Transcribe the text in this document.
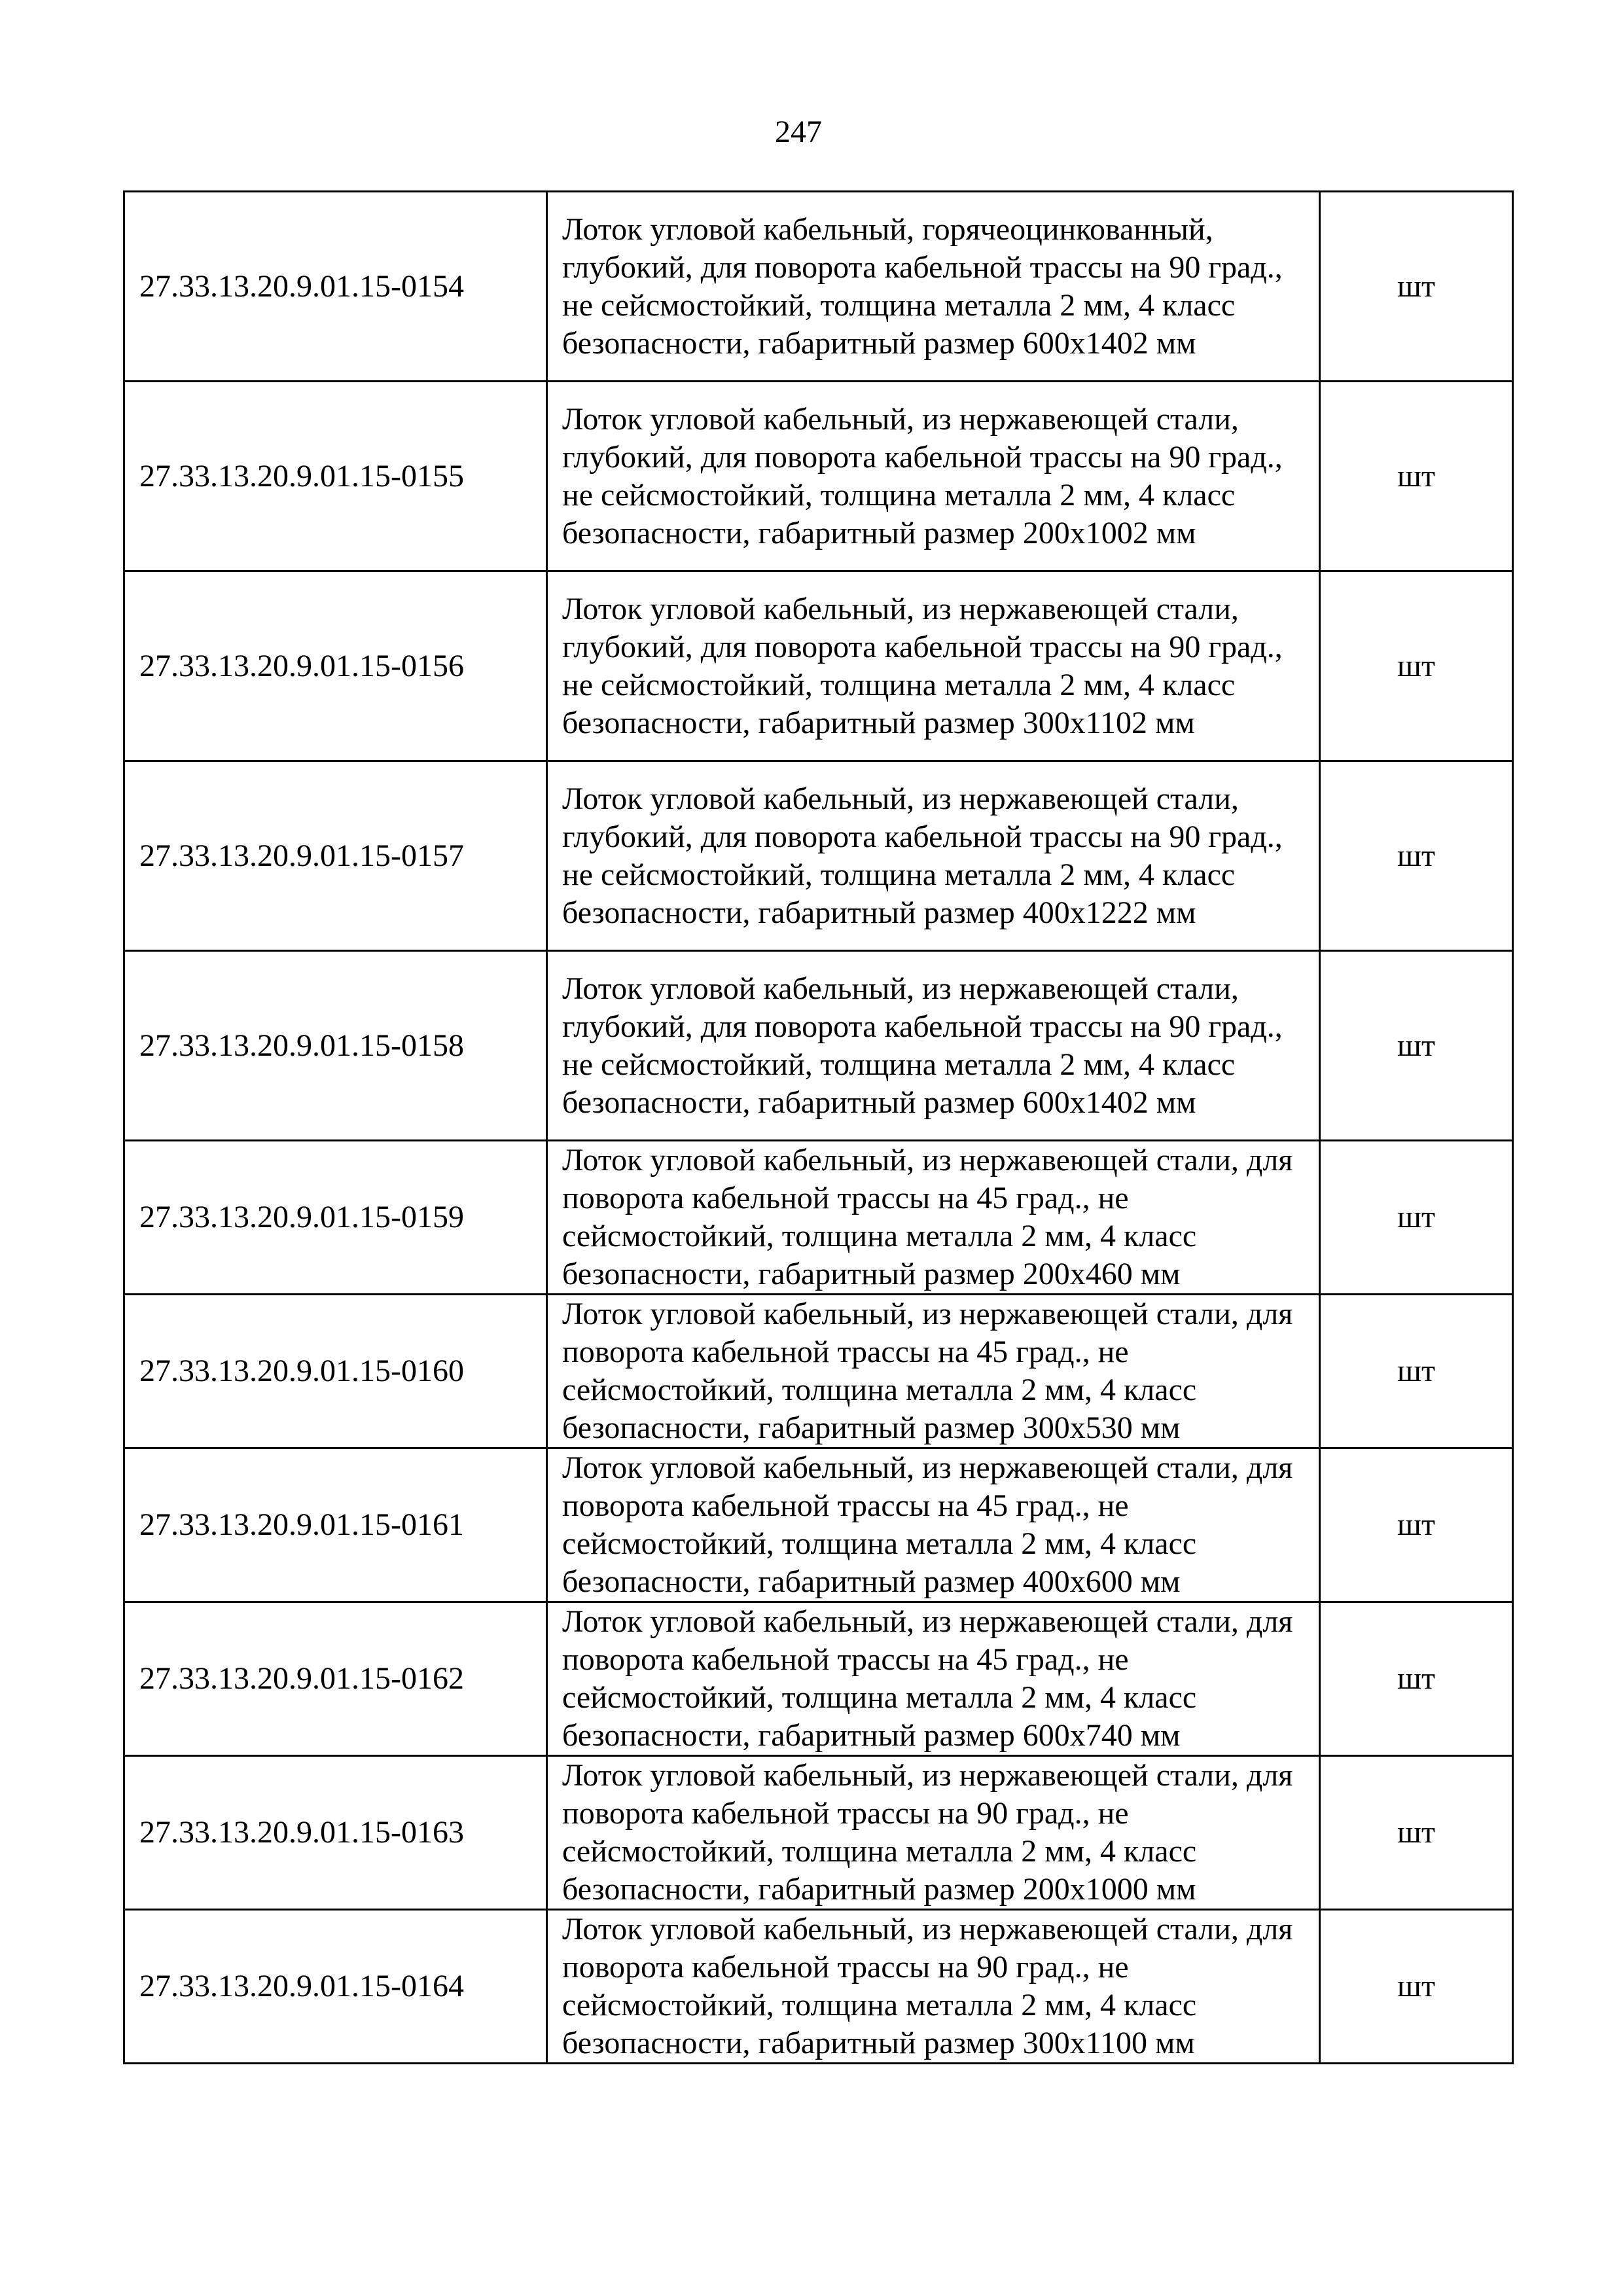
247
27.33.13.20.9.01.15-0154	Лоток угловой кабельный, горячеоцинкованный, глубокий, для поворота кабельной трассы на 90 град., не сейсмостойкий, толщина металла 2 мм, 4 класс безопасности, габаритный размер 600х1402 мм	шт
27.33.13.20.9.01.15-0155	Лоток угловой кабельный, из нержавеющей стали, глубокий, для поворота кабельной трассы на 90 град., не сейсмостойкий, толщина металла 2 мм, 4 класс безопасности, габаритный размер 200х1002 мм	шт
27.33.13.20.9.01.15-0156	Лоток угловой кабельный, из нержавеющей стали, глубокий, для поворота кабельной трассы на 90 град., не сейсмостойкий, толщина металла 2 мм, 4 класс безопасности, габаритный размер 300х1102 мм	шт
27.33.13.20.9.01.15-0157	Лоток угловой кабельный, из нержавеющей стали, глубокий, для поворота кабельной трассы на 90 град., не сейсмостойкий, толщина металла 2 мм, 4 класс безопасности, габаритный размер 400х1222 мм	шт
27.33.13.20.9.01.15-0158	Лоток угловой кабельный, из нержавеющей стали, глубокий, для поворота кабельной трассы на 90 град., не сейсмостойкий, толщина металла 2 мм, 4 класс безопасности, габаритный размер 600х1402 мм	шт
27.33.13.20.9.01.15-0159	Лоток угловой кабельный, из нержавеющей стали, для поворота кабельной трассы на 45 град., не сейсмостойкий, толщина металла 2 мм, 4 класс безопасности, габаритный размер 200х460 мм	шт
27.33.13.20.9.01.15-0160	Лоток угловой кабельный, из нержавеющей стали, для поворота кабельной трассы на 45 град., не сейсмостойкий, толщина металла 2 мм, 4 класс безопасности, габаритный размер 300х530 мм	шт
27.33.13.20.9.01.15-0161	Лоток угловой кабельный, из нержавеющей стали, для поворота кабельной трассы на 45 град., не сейсмостойкий, толщина металла 2 мм, 4 класс безопасности, габаритный размер 400х600 мм	шт
27.33.13.20.9.01.15-0162	Лоток угловой кабельный, из нержавеющей стали, для поворота кабельной трассы на 45 град., не сейсмостойкий, толщина металла 2 мм, 4 класс безопасности, габаритный размер 600х740 мм	шт
27.33.13.20.9.01.15-0163	Лоток угловой кабельный, из нержавеющей стали, для поворота кабельной трассы на 90 град., не сейсмостойкий, толщина металла 2 мм, 4 класс безопасности, габаритный размер 200х1000 мм	шт
27.33.13.20.9.01.15-0164	Лоток угловой кабельный, из нержавеющей стали, для поворота кабельной трассы на 90 град., не сейсмостойкий, толщина металла 2 мм, 4 класс безопасности, габаритный размер 300х1100 мм	шт
